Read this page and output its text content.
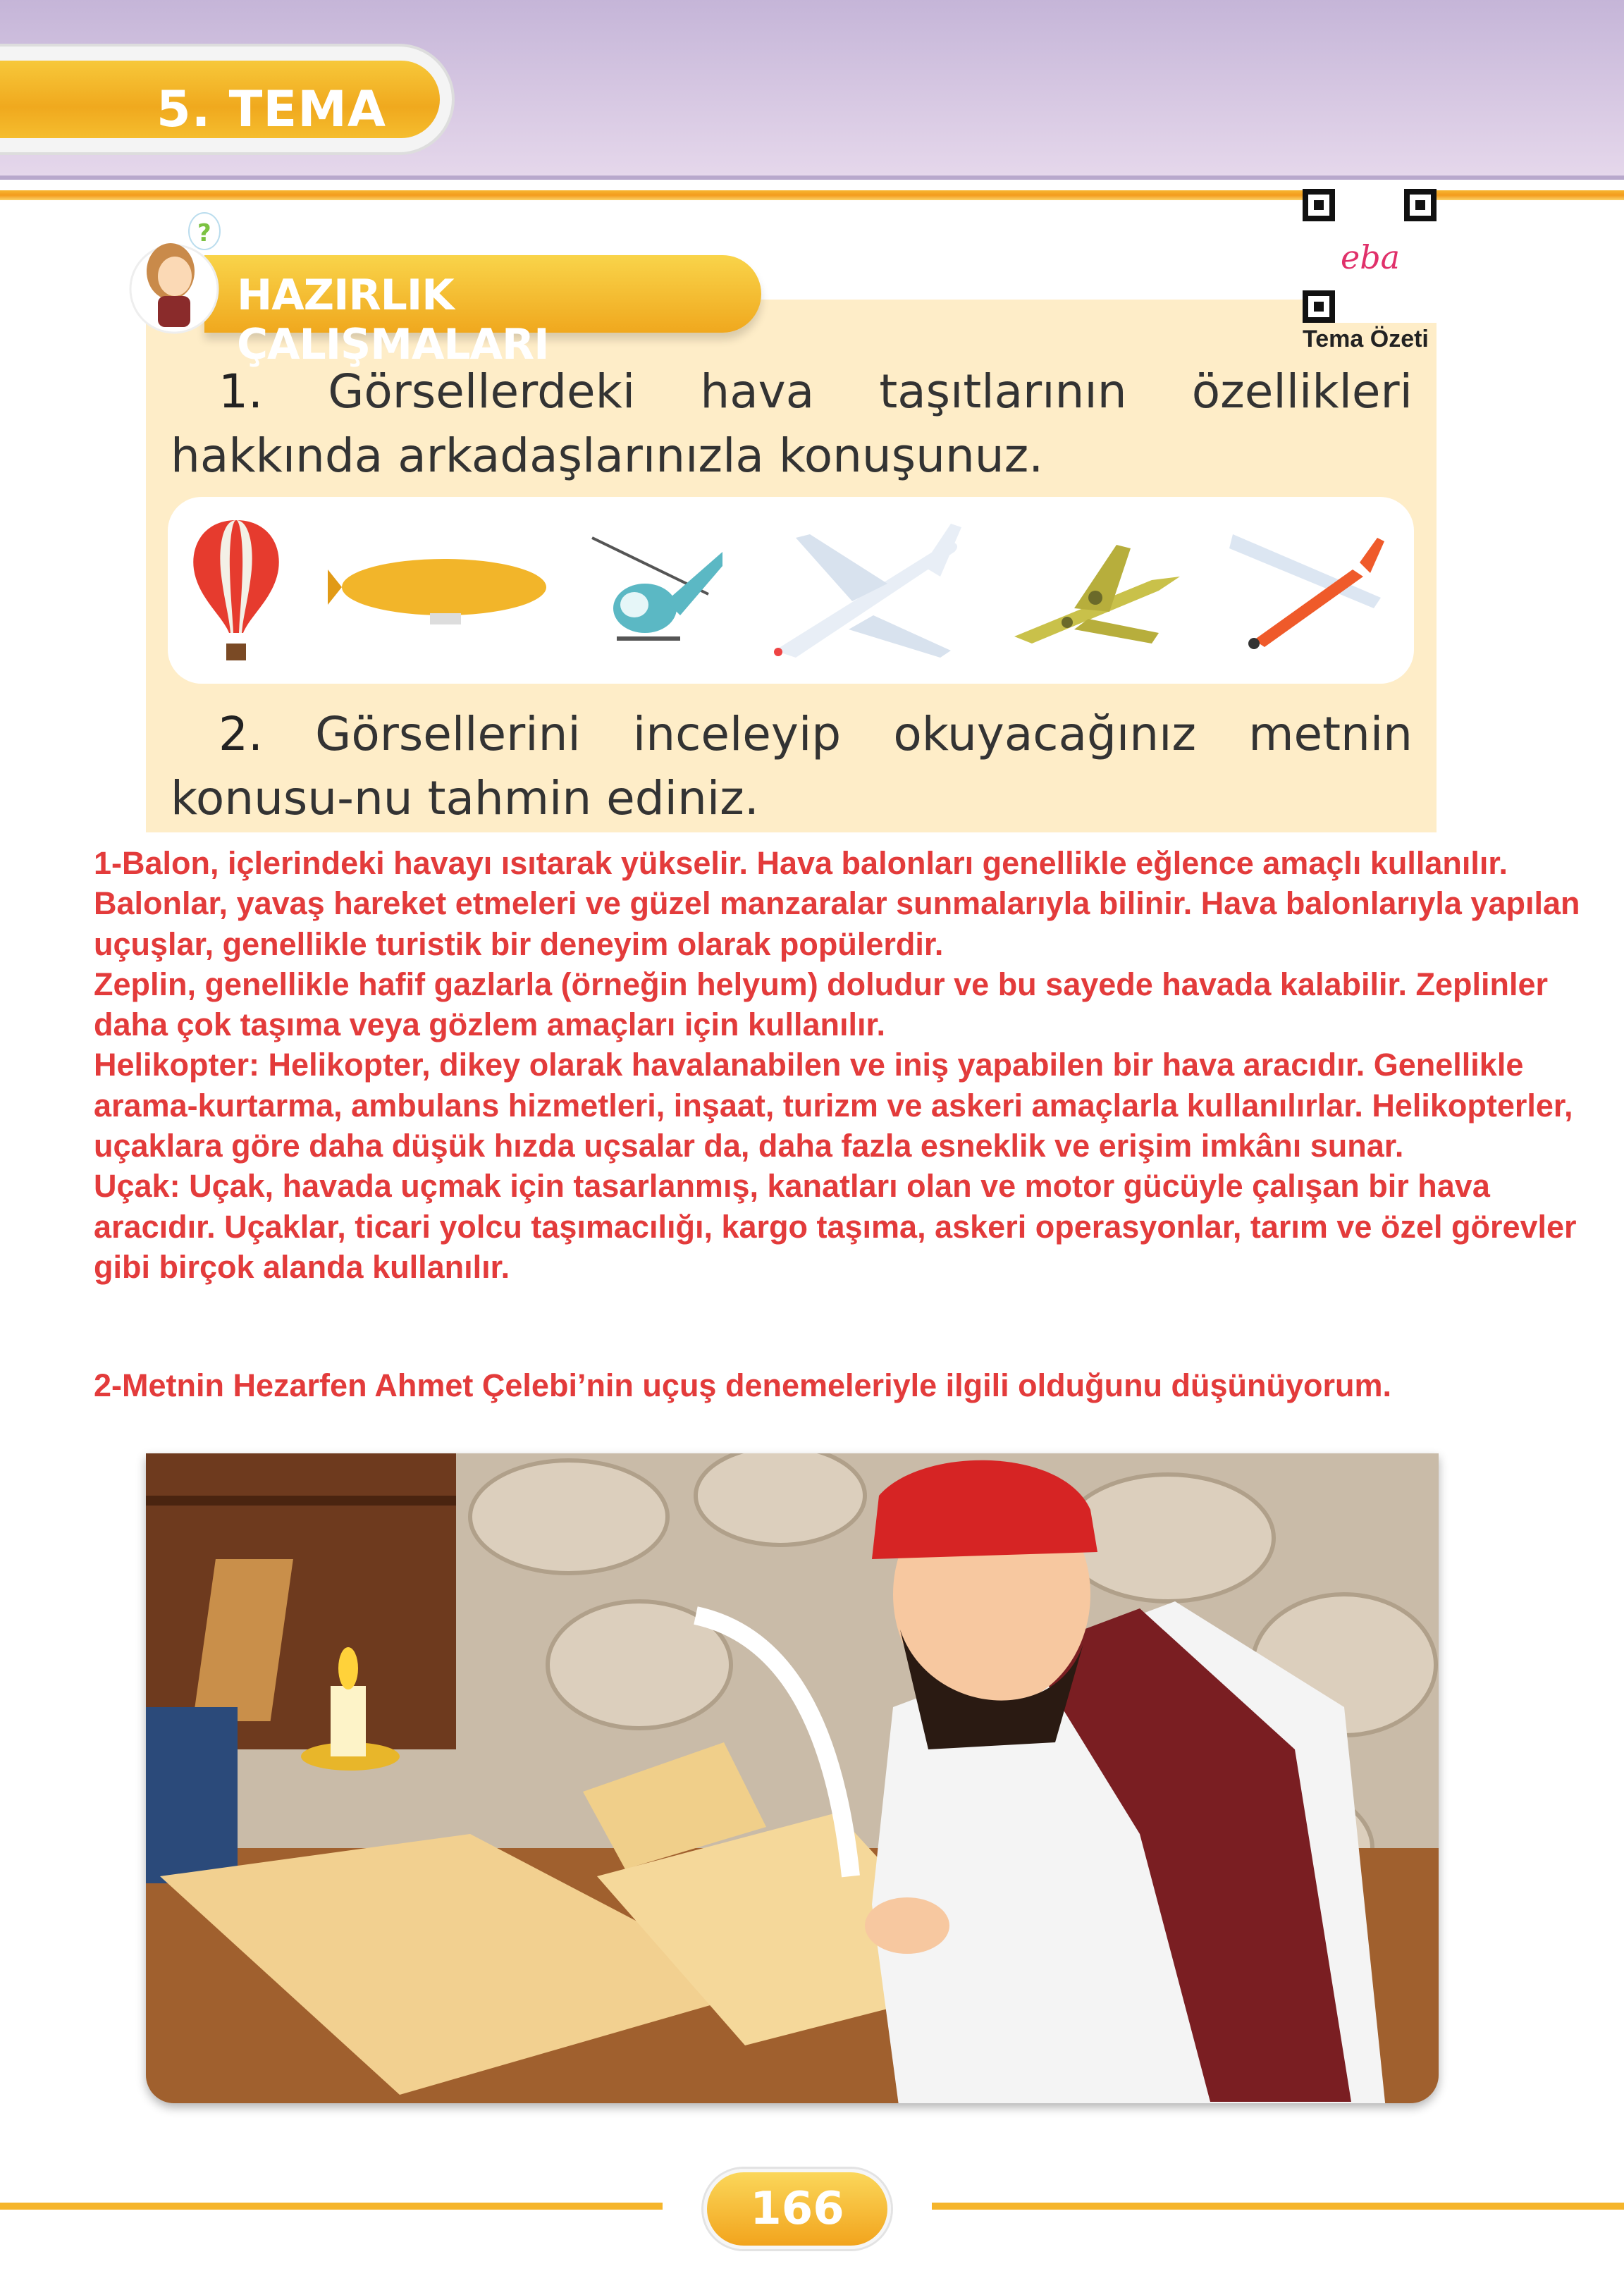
5. TEMA
eba
Tema Özeti
HAZIRLIK ÇALIŞMALARI
?
1. Görsellerdeki hava taşıtlarının özellikleri hakkında arkadaşlarınızla konuşunuz.
2. Görsellerini inceleyip okuyacağınız metnin konusu-nu tahmin ediniz.

1-Balon, içlerindeki havayı ısıtarak yükselir. Hava balonları genellikle eğlence amaçlı kullanılır. Balonlar, yavaş hareket etmeleri ve güzel manzaralar sunmalarıyla bilinir. Hava balonlarıyla yapılan uçuşlar, genellikle turistik bir deneyim olarak popülerdir.

Zeplin, genellikle hafif gazlarla (örneğin helyum) doludur ve bu sayede havada kalabilir. Zeplinler daha çok taşıma veya gözlem amaçları için kullanılır.

Helikopter: Helikopter, dikey olarak havalanabilen ve iniş yapabilen bir hava aracıdır. Genellikle arama-kurtarma, ambulans hizmetleri, inşaat, turizm ve askeri amaçlarla kullanılırlar. Helikopterler, uçaklara göre daha düşük hızda uçsalar da, daha fazla esneklik ve erişim imkânı sunar.

Uçak: Uçak, havada uçmak için tasarlanmış, kanatları olan ve motor gücüyle çalışan bir hava aracıdır. Uçaklar, ticari yolcu taşımacılığı, kargo taşıma, askeri operasyonlar, tarım ve özel görevler gibi birçok alanda kullanılır.

2-Metnin Hezarfen Ahmet Çelebi’nin uçuş denemeleriyle ilgili olduğunu düşünüyorum.
166
